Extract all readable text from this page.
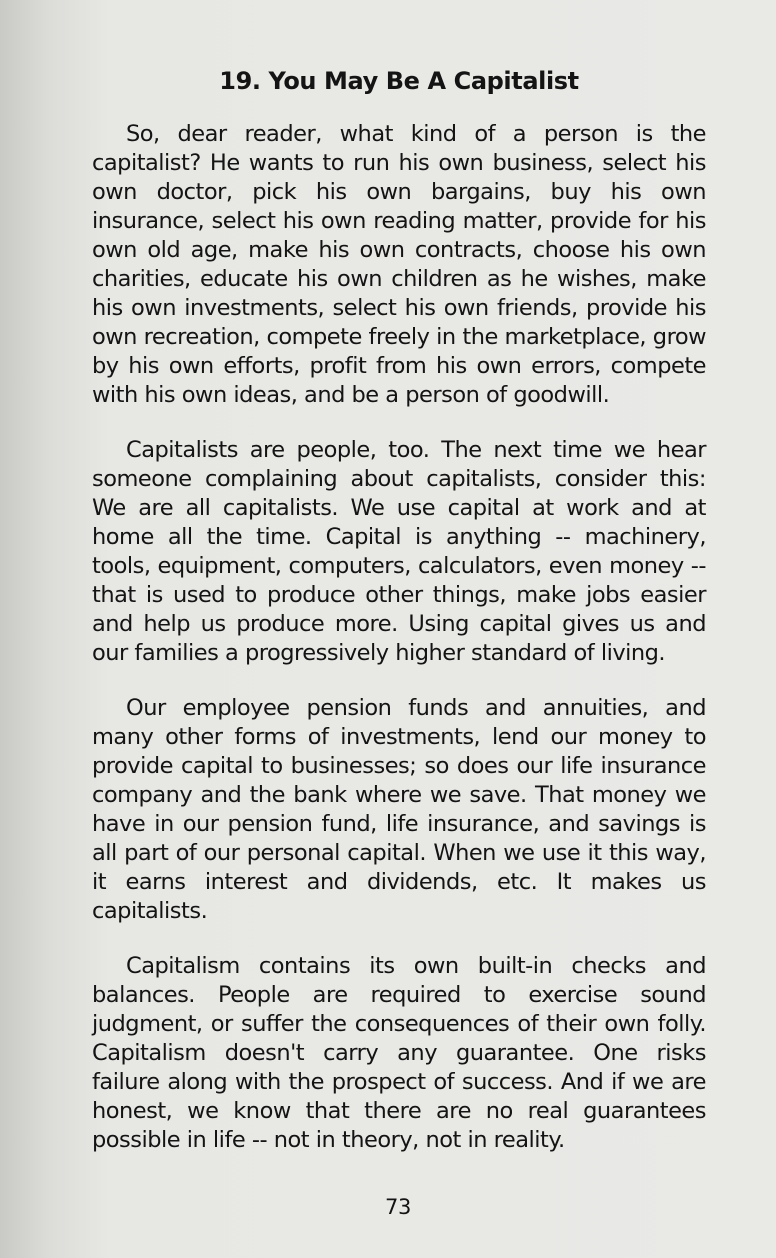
19. You May Be A Capitalist

So, dear reader, what kind of a person is the capitalist? He wants to run his own business, select his own doctor, pick his own bargains, buy his own insurance, select his own reading matter, provide for his own old age, make his own contracts, choose his own charities, educate his own children as he wishes, make his own investments, select his own friends, provide his own recreation, compete freely in the marketplace, grow by his own efforts, profit from his own errors, compete with his own ideas, and be a person of goodwill.

Capitalists are people, too. The next time we hear someone complaining about capitalists, consider this: We are all capitalists. We use capital at work and at home all the time. Capital is anything -- machinery, tools, equipment, computers, calculators, even money -- that is used to produce other things, make jobs easier and help us produce more. Using capital gives us and our families a progressively higher standard of living.

Our employee pension funds and annuities, and many other forms of investments, lend our money to provide capital to businesses; so does our life insurance company and the bank where we save. That money we have in our pension fund, life insurance, and savings is all part of our personal capital. When we use it this way, it earns interest and dividends, etc. It makes us capitalists.

Capitalism contains its own built-in checks and balances. People are required to exercise sound judgment, or suffer the consequences of their own folly. Capitalism doesn't carry any guarantee. One risks failure along with the prospect of success. And if we are honest, we know that there are no real guarantees possible in life -- not in theory, not in reality.

73
